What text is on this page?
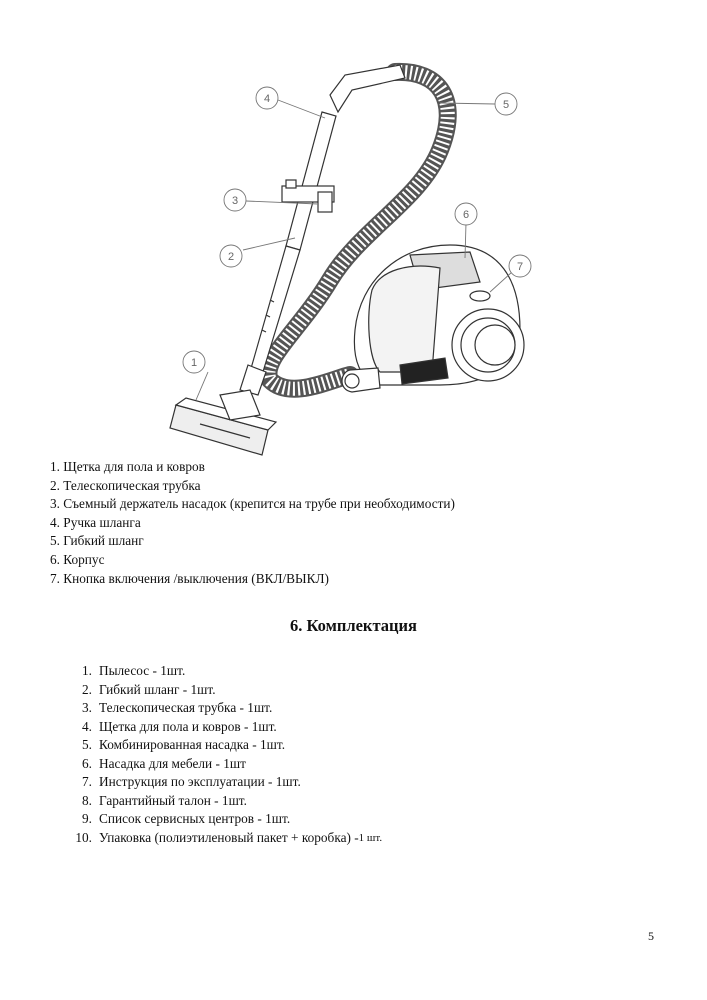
1
2
3
4	5
6
7
1. Щетка для пола и ковров
2. Телескопическая трубка
3. Съемный держатель насадок (крепится на трубе при необходимости)
4. Ручка шланга
5. Гибкий шланг
6. Корпус
7. Кнопка включения /выключения (ВКЛ/ВЫКЛ)
6. Комплектация
1. Пылесос - 1шт.
2. Гибкий шланг - 1шт.
3. Телескопическая трубка - 1шт.
4. Щетка для пола и ковров - 1шт.
5. Комбинированная насадка - 1шт.
6. Насадка для мебели - 1шт
7. Инструкция по эксплуатации - 1шт.
8. Гарантийный талон - 1шт.
9. Список сервисных центров - 1шт.
10. Упаковка (полиэтиленовый пакет + коробка) - 1 шт.
5
